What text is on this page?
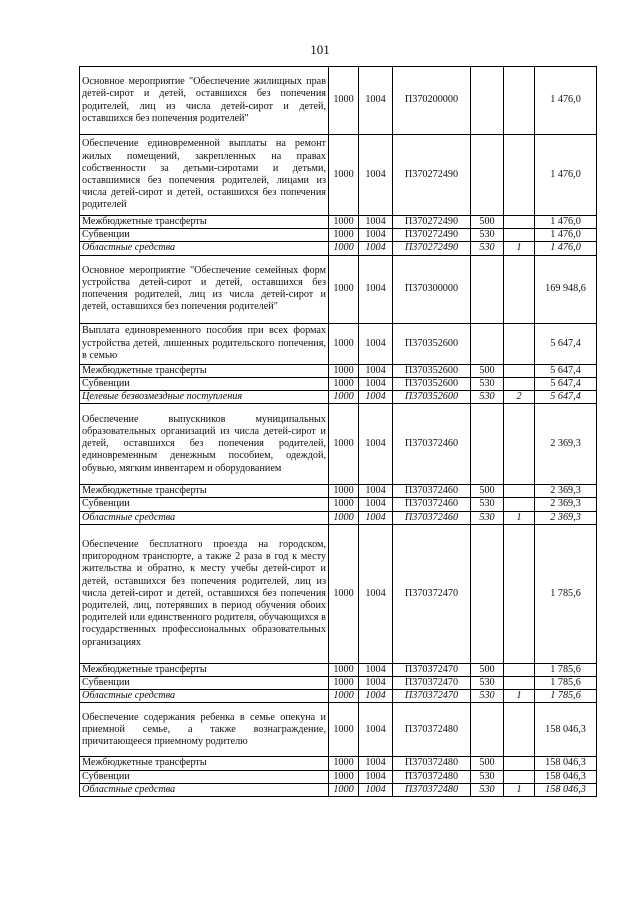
101
Основное мероприятие "Обеспечение жилищных прав детей-сирот и детей, оставшихся без попечения родителей, лиц из числа детей-сирот и детей, оставшихся без попечения родителей"	1000	1004	П370200000			1 476,0
Обеспечение единовременной выплаты на ремонт жилых помещений, закрепленных на правах собственности за детьми-сиротами и детьми, оставшимися без попечения родителей, лицами из числа детей-сирот и детей, оставшихся без попечения родителей	1000	1004	П370272490			1 476,0
Межбюджетные трансферты	1000	1004	П370272490	500		1 476,0
Субвенции	1000	1004	П370272490	530		1 476,0
Областные средства	1000	1004	П370272490	530	1	1 476,0
Основное мероприятие "Обеспечение семейных форм устройства детей-сирот и детей, оставшихся без попечения родителей, лиц из числа детей-сирот и детей, оставшихся без попечения родителей"	1000	1004	П370300000			169 948,6
Выплата единовременного пособия при всех формах устройства детей, лишенных родительского попечения, в семью	1000	1004	П370352600			5 647,4
Межбюджетные трансферты	1000	1004	П370352600	500		5 647,4
Субвенции	1000	1004	П370352600	530		5 647,4
Целевые безвозмездные поступления	1000	1004	П370352600	530	2	5 647,4
Обеспечение выпускников муниципальных образовательных организаций из числа детей-сирот и детей, оставшихся без попечения родителей, единовременным денежным пособием, одеждой, обувью, мягким инвентарем и оборудованием	1000	1004	П370372460			2 369,3
Межбюджетные трансферты	1000	1004	П370372460	500		2 369,3
Субвенции	1000	1004	П370372460	530		2 369,3
Областные средства	1000	1004	П370372460	530	1	2 369,3
Обеспечение бесплатного проезда на городском, пригородном транспорте, а также 2 раза в год к месту жительства и обратно, к месту учебы детей-сирот и детей, оставшихся без попечения родителей, лиц из числа детей-сирот и детей, оставшихся без попечения родителей, лиц, потерявших в период обучения обоих родителей или единственного родителя, обучающихся в государственных профессиональных образовательных организациях	1000	1004	П370372470			1 785,6
Межбюджетные трансферты	1000	1004	П370372470	500		1 785,6
Субвенции	1000	1004	П370372470	530		1 785,6
Областные средства	1000	1004	П370372470	530	1	1 785,6
Обеспечение содержания ребенка в семье опекуна и приемной семье, а также вознаграждение, причитающееся приемному родителю	1000	1004	П370372480			158 046,3
Межбюджетные трансферты	1000	1004	П370372480	500		158 046,3
Субвенции	1000	1004	П370372480	530		158 046,3
Областные средства	1000	1004	П370372480	530	1	158 046,3
